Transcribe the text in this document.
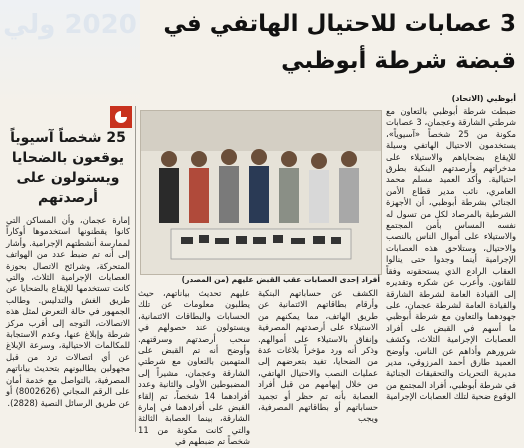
2020 ولي	3 عصابات للاحتيال الهاتفي في قبضة شرطة أبوظبي
أبوظبي (الاتحاد)
ضبطت شرطة أبوظبي بالتعاون مع شرطتي الشارقة وعجمان، 3 عصابات مكونة من 25 شخصاً «آسيوياً»، يستخدمون الاحتيال الهاتفي وسيلة للإيقاع بضحاياهم والاستيلاء على مدخراتهم وأرصدتهم البنكية بطرق احتيالية. وأكد العميد مسلم محمد العامري، نائب مدير قطاع الأمن الجنائي بشرطة أبوظبي، أن الأجهزة الشرطية بالمرصاد لكل من تسول له نفسه المساس بأمن المجتمع والاستيلاء على أموال الناس بالنصب والاحتيال، وستلاحق هذه العصابات الإجرامية أينما وجدوا حتى ينالوا العقاب الرادع الذي يستحقونه وفقاً للقانون. وأعرب عن شكره وتقديره إلى القيادة العامة لشرطة الشارقة والقيادة العامة لشرطة عجمان، على جهودهما والتعاون مع شرطة أبوظبي ما أسهم في القبض على أفراد العصابات الإجرامية الثلاث، وكشف شرورهم وأذاهم عن الناس. وأوضح العميد طارق أحمد المرزوقي، مدير مديرية التحريات والتحقيقات الجنائية في شرطة أبوظبي، أفراد المجتمع من الوقوع ضحية لتلك العصابات الإجرامية
أفراد إحدى العصابات عقب القبض عليهم (من المصدر)
الكشف عن حساباتهم البنكية وأرقام بطاقاتهم الائتمانية عن طريق الهاتف، مما يمكنهم من الاستيلاء على أرصدتهم المصرفية وإنفاق بالاستيلاء على أموالهم. وذكر أنه ورد مؤخراً بلاغات عدة من الضحايا، تفيد بتعرضهم إلى عمليات النصب والاحتيال الهاتفي، من خلال إيهامهم من قبل أفراد العصابة بأنه تم حظر أو تجميد حساباتهم أو بطاقاتهم المصرفية، ويجب
عليهم تحديث بياناتهم، حيث يطلبون معلومات عن تلك الحسابات والبطاقات الائتمانية، ويستولون عند حصولهم في سحب أرصدتهم وسرقتهم. وأوضح أنه تم القبض على المتهمين بالتعاون مع شرطتي الشارقة وعجمان، مشيراً إلى المضبوطين الأولى والثانية وعدد أفرادهما 14 شخصاً، تم إلقاء القبض على أفرادهما في إمارة الشارقة، بينما العصابة الثالثة والتي كانت مكونة من 11 شخصاً تم ضبطهم في
25 شخصاً آسيوياً يوقعون بالضحايا ويستولون على أرصدتهم
إمارة عجمان، وأن المساكن التي كانوا يقطنونها استخدموها أوكاراً لممارسة أنشطتهم الإجرامية. وأشار إلى أنه تم ضبط عدد من الهواتف المتحركة، وشرائح الاتصال بحوزة العصابات الإجرامية الثلاث، والتي كانت تستخدمها للإيقاع بالضحايا عن طريق الغش والتدليس. وطالب الجمهور في حالة التعرض لمثل هذه الاتصالات، التوجه إلى أقرب مركز شرطة وإبلاغ عنها، وعدم الاستجابة للمكالمات الاحتيالية، وسرعة الإبلاغ عن أي اتصالات ترد من قبل مجهولين يطالبونهم بتحديث بياناتهم المصرفية، بالتواصل مع خدمة أمان على الرقم المجاني (8002626) أو عن طريق الرسائل النصية (2828).
